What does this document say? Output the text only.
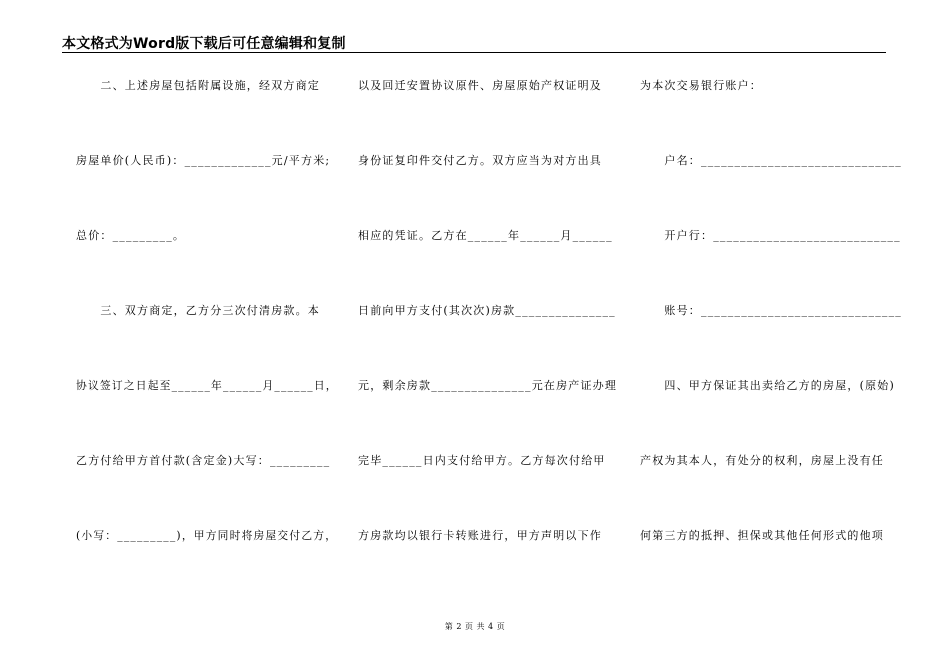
本文格式为Word版下载后可任意编辑和复制
　　二、上述房屋包括附属设施，经双方商定
房屋单价(人民币)：_____________元/平方米;
总价：_________。
　　三、双方商定，乙方分三次付清房款。本
协议签订之日起至______年______月______日，
乙方付给甲方首付款(含定金)大写：_________
(小写：_________)，甲方同时将房屋交付乙方，
以及回迁安置协议原件、房屋原始产权证明及
身份证复印件交付乙方。双方应当为对方出具
相应的凭证。乙方在______年______月______
日前向甲方支付(其次次)房款_______________
元，剩余房款_______________元在房产证办理
完毕______日内支付给甲方。乙方每次付给甲
方房款均以银行卡转账进行，甲方声明以下作
为本次交易银行账户：
　　户名：______________________________
　　开户行：____________________________
　　账号：______________________________
　　四、甲方保证其出卖给乙方的房屋，(原始)
产权为其本人，有处分的权利，房屋上没有任
何第三方的抵押、担保或其他任何形式的他项
第 2 页 共 4 页
